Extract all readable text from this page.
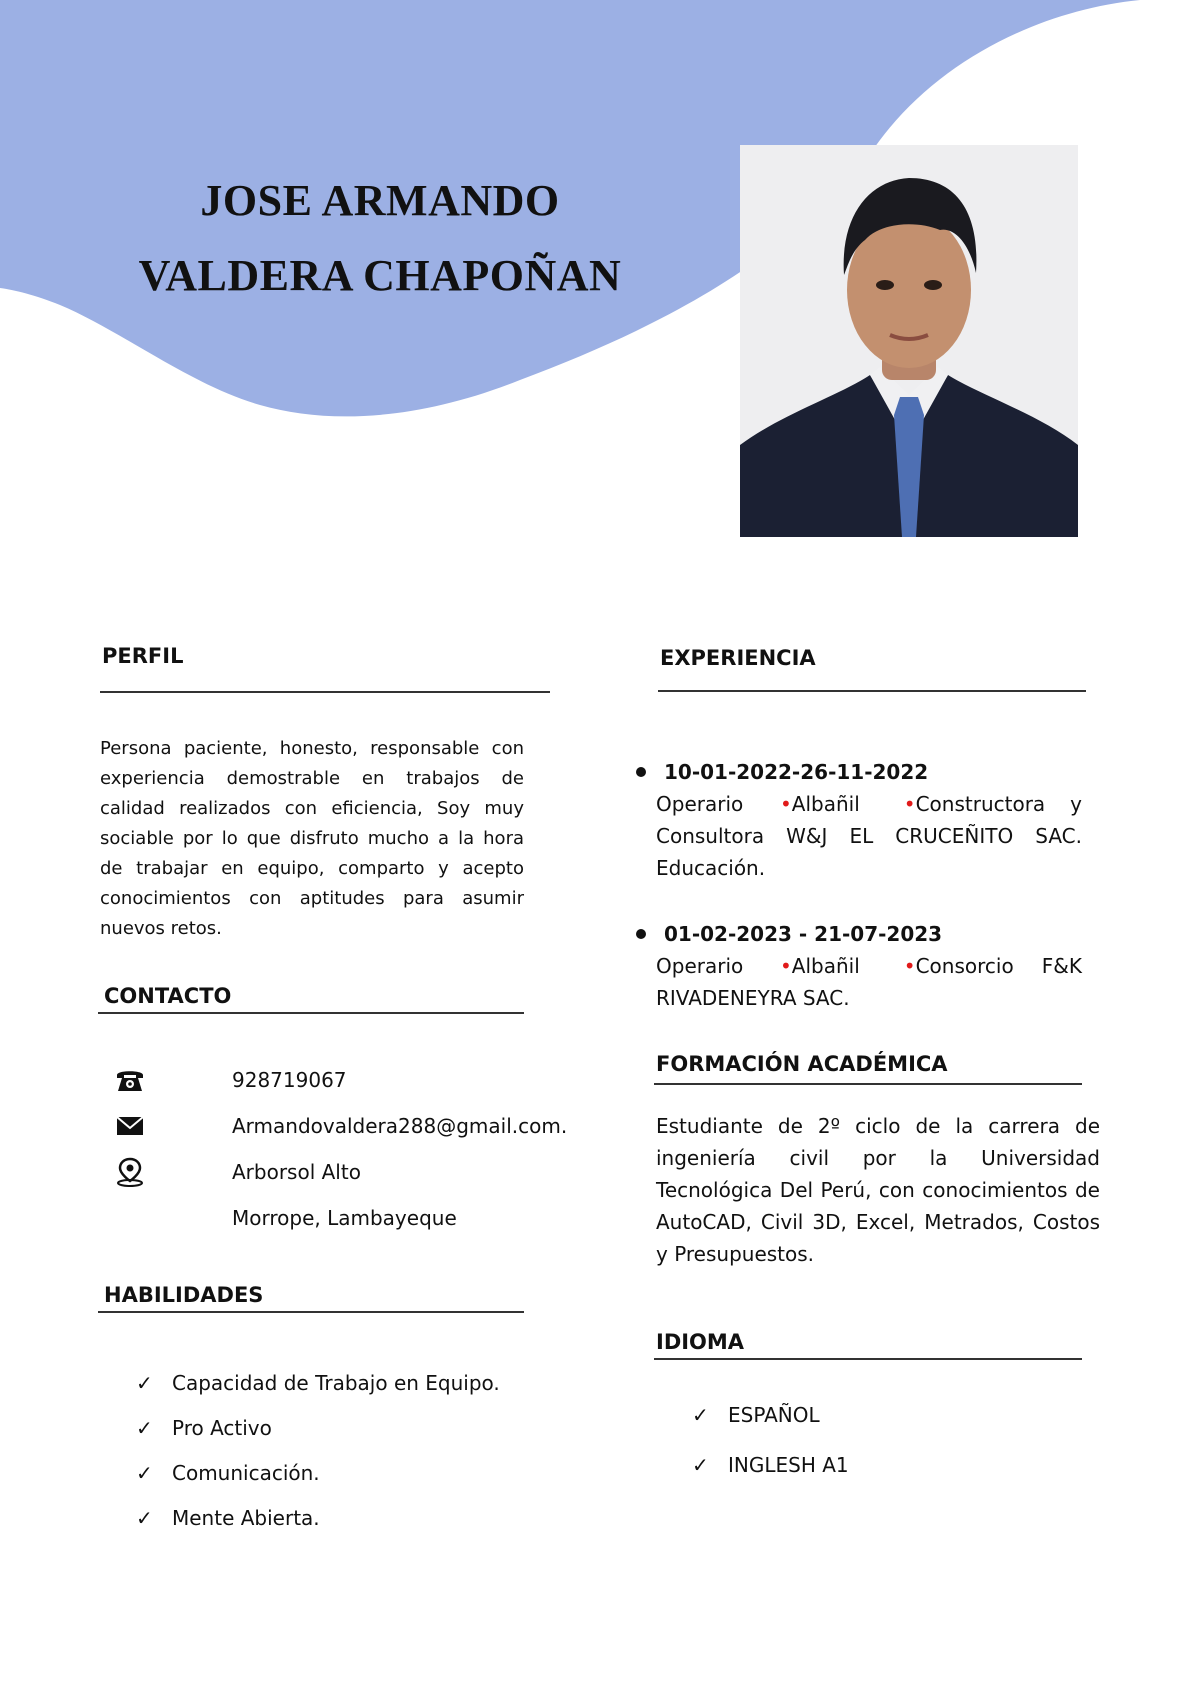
JOSE ARMANDO
VALDERA CHAPOÑAN
PERFIL

Persona paciente, honesto, responsable con experiencia demostrable en trabajos de calidad realizados con eficiencia, Soy muy sociable por lo que disfruto mucho a la hora de trabajar en equipo, comparto y acepto conocimientos con aptitudes para asumir nuevos retos.

CONTACTO
928719067
Armandovaldera288@gmail.com.
Arborsol Alto
Morrope, Lambayeque
HABILIDADES
✓ Capacidad de Trabajo en Equipo.
✓ Pro Activo
✓ Comunicación.
✓ Mente Abierta.
EXPERIENCIA
10-01-2022-26-11-2022
Operario •Albañil •Constructora y Consultora W&J EL CRUCEÑITO SAC. Educación.
01-02-2023 - 21-07-2023
Operario •Albañil •Consorcio F&K RIVADENEYRA SAC.
FORMACIÓN ACADÉMICA

Estudiante de 2º ciclo de la carrera de ingeniería civil por la Universidad Tecnológica Del Perú, con conocimientos de AutoCAD, Civil 3D, Excel, Metrados, Costos y Presupuestos.

IDIOMA
✓ ESPAÑOL
✓ INGLESH A1
